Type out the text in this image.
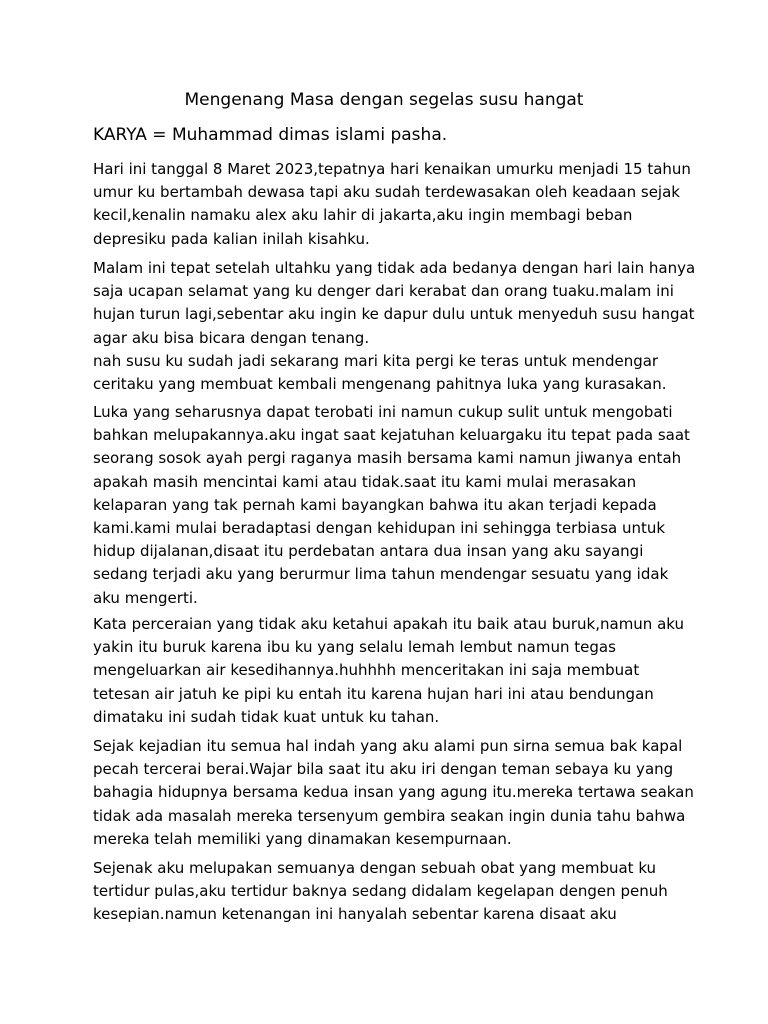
Mengenang Masa dengan segelas susu hangat
KARYA = Muhammad dimas islami pasha.
Hari ini tanggal 8 Maret 2023,tepatnya hari kenaikan umurku menjadi 15 tahun
umur ku bertambah dewasa tapi aku sudah terdewasakan oleh keadaan sejak
kecil,kenalin namaku alex aku lahir di jakarta,aku ingin membagi beban
depresiku pada kalian inilah kisahku.
Malam ini tepat setelah ultahku yang tidak ada bedanya dengan hari lain hanya
saja ucapan selamat yang ku denger dari kerabat dan orang tuaku.malam ini
hujan turun lagi,sebentar aku ingin ke dapur dulu untuk menyeduh susu hangat
agar aku bisa bicara dengan tenang.
nah susu ku sudah jadi sekarang mari kita pergi ke teras untuk mendengar
ceritaku yang membuat kembali mengenang pahitnya luka yang kurasakan.
Luka yang seharusnya dapat terobati ini namun cukup sulit untuk mengobati
bahkan melupakannya.aku ingat saat kejatuhan keluargaku itu tepat pada saat
seorang sosok ayah pergi raganya masih bersama kami namun jiwanya entah
apakah masih mencintai kami atau tidak.saat itu kami mulai merasakan
kelaparan yang tak pernah kami bayangkan bahwa itu akan terjadi kepada
kami.kami mulai beradaptasi dengan kehidupan ini sehingga terbiasa untuk
hidup dijalanan,disaat itu perdebatan antara dua insan yang aku sayangi
sedang terjadi aku yang berurmur lima tahun mendengar sesuatu yang idak
aku mengerti.
Kata perceraian yang tidak aku ketahui apakah itu baik atau buruk,namun aku
yakin itu buruk karena ibu ku yang selalu lemah lembut namun tegas
mengeluarkan air kesedihannya.huhhhh menceritakan ini saja membuat
tetesan air jatuh ke pipi ku entah itu karena hujan hari ini atau bendungan
dimataku ini sudah tidak kuat untuk ku tahan.
Sejak kejadian itu semua hal indah yang aku alami pun sirna semua bak kapal
pecah tercerai berai.Wajar bila saat itu aku iri dengan teman sebaya ku yang
bahagia hidupnya bersama kedua insan yang agung itu.mereka tertawa seakan
tidak ada masalah mereka tersenyum gembira seakan ingin dunia tahu bahwa
mereka telah memiliki yang dinamakan kesempurnaan.
Sejenak aku melupakan semuanya dengan sebuah obat yang membuat ku
tertidur pulas,aku tertidur baknya sedang didalam kegelapan dengen penuh
kesepian.namun ketenangan ini hanyalah sebentar karena disaat aku
